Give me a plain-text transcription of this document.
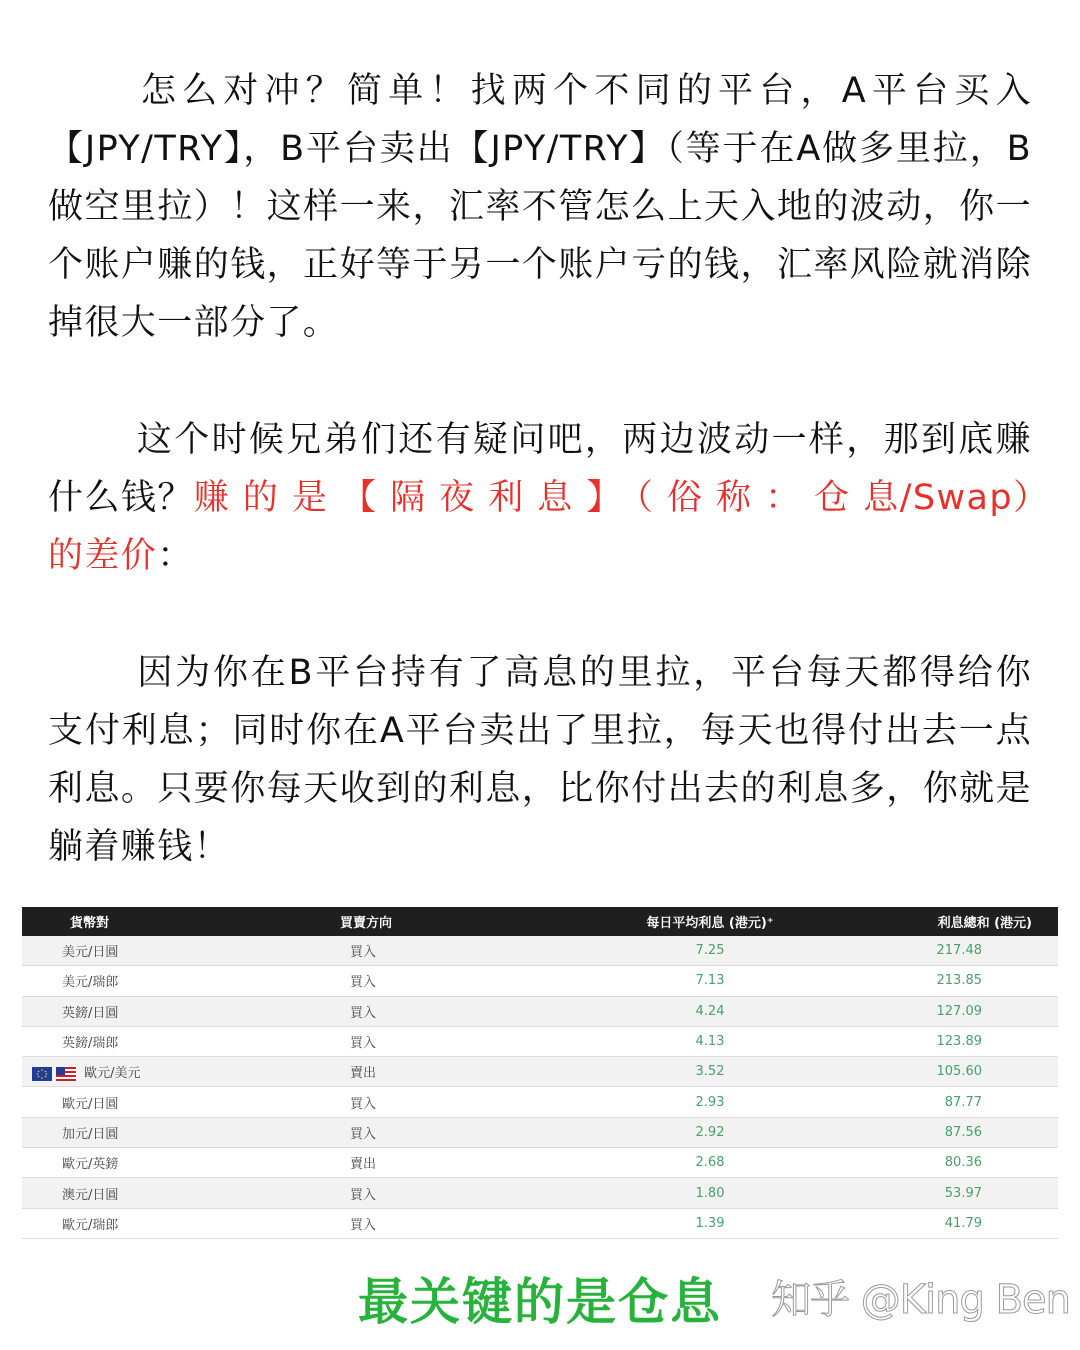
怎么对冲？简单！找两个不同的平台，A平台买入【JPY/TRY】，B平台卖出【JPY/TRY】（等于在A做多里拉，B做空里拉）！这样一来，汇率不管怎么上天入地的波动，你一个账户赚的钱，正好等于另一个账户亏的钱，汇率风险就消除掉很大一部分了。

这个时候兄弟们还有疑问吧，两边波动一样，那到底赚什么钱？赚的是【隔夜利息】（俗称：仓息/Swap）的差价：

因为你在B平台持有了高息的里拉，平台每天都得给你支付利息；同时你在A平台卖出了里拉，每天也得付出去一点利息。只要你每天收到的利息，比你付出去的利息多，你就是躺着赚钱！

貨幣對	買賣方向	每日平均利息 (港元)⁺	利息總和 (港元)
美元/日圓	買入	7.25	217.48
美元/瑞郎	買入	7.13	213.85
英鎊/日圓	買入	4.24	127.09
英鎊/瑞郎	買入	4.13	123.89
歐元/美元	賣出	3.52	105.60
歐元/日圓	買入	2.93	87.77
加元/日圓	買入	2.92	87.56
歐元/英鎊	賣出	2.68	80.36
澳元/日圓	買入	1.80	53.97
歐元/瑞郎	買入	1.39	41.79
最关键的是仓息	知乎 @King Ben
